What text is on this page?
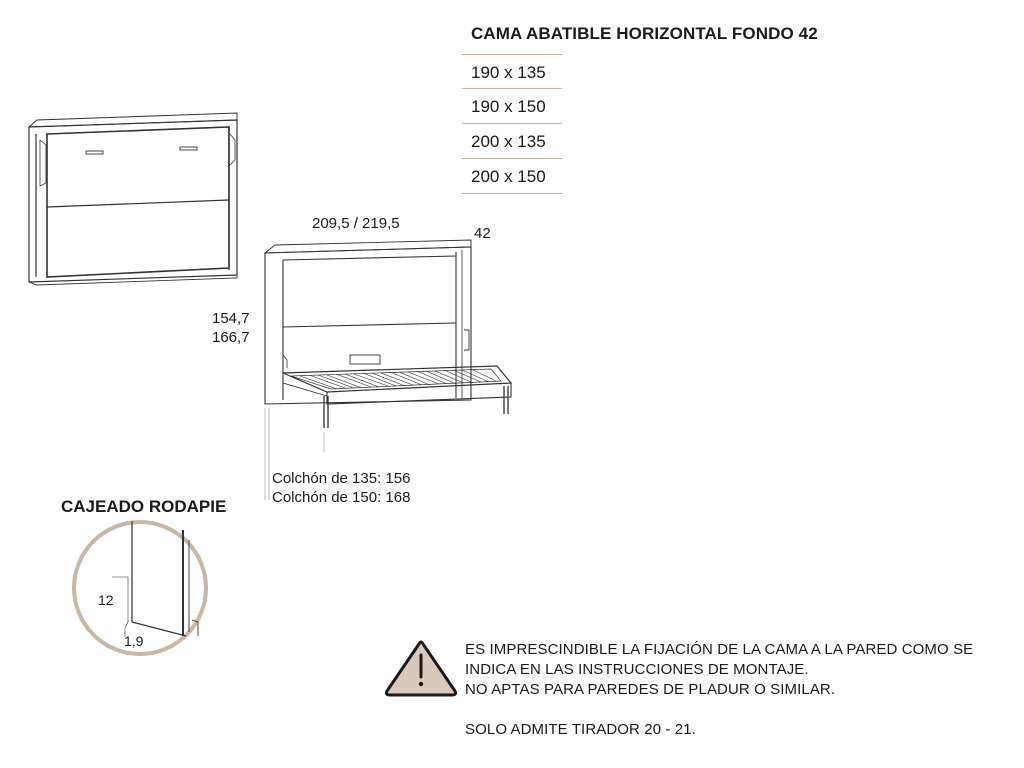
CAMA ABATIBLE HORIZONTAL FONDO 42
190 x 135
190 x 150
200 x 135
200 x 150
209,5 / 219,5
42
154,7
166,7
Colchón de 135: 156
Colchón de 150: 168
CAJEADO RODAPIE
12
1,9	ES IMPRESCINDIBLE LA FIJACIÓN DE LA CAMA A LA PARED COMO SE
INDICA EN LAS INSTRUCCIONES DE MONTAJE.
NO APTAS PARA PAREDES DE PLADUR O SIMILAR.
SOLO ADMITE TIRADOR 20 - 21.
